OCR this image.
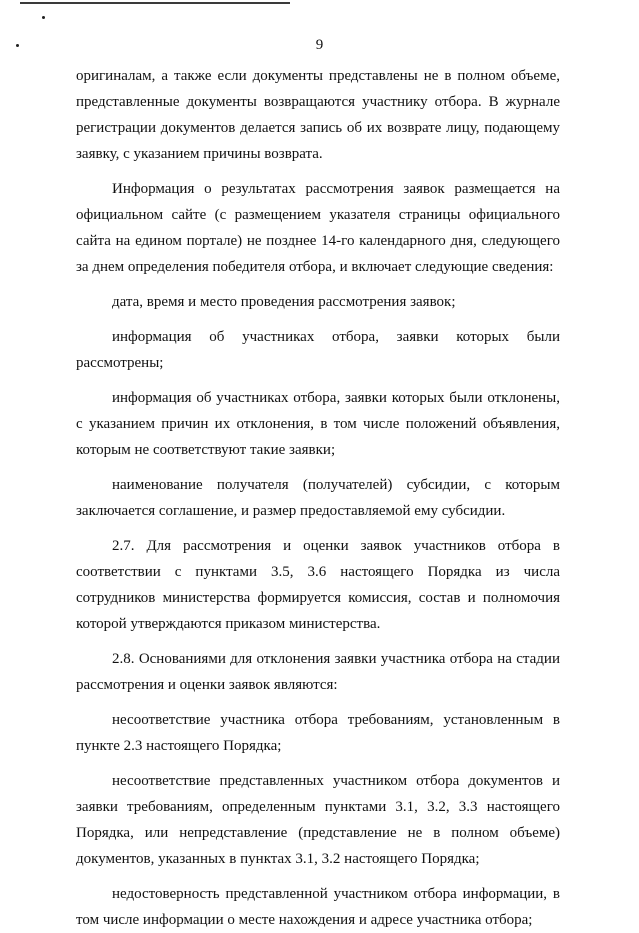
9

оригиналам, а также если документы представлены не в полном объеме, представленные документы возвращаются участнику отбора. В журнале регистрации документов делается запись об их возврате лицу, подающему заявку, с указанием причины возврата.

Информация о результатах рассмотрения заявок размещается на официальном сайте (с размещением указателя страницы официального сайта на едином портале) не позднее 14-го календарного дня, следующего за днем определения победителя отбора, и включает следующие сведения:

дата, время и место проведения рассмотрения заявок;

информация об участниках отбора, заявки которых были рассмотрены;

информация об участниках отбора, заявки которых были отклонены, с указанием причин их отклонения, в том числе положений объявления, которым не соответствуют такие заявки;

наименование получателя (получателей) субсидии, с которым заключается соглашение, и размер предоставляемой ему субсидии.

2.7. Для рассмотрения и оценки заявок участников отбора в соответствии с пунктами 3.5, 3.6 настоящего Порядка из числа сотрудников министерства формируется комиссия, состав и полномочия которой утверждаются приказом министерства.

2.8. Основаниями для отклонения заявки участника отбора на стадии рассмотрения и оценки заявок являются:

несоответствие участника отбора требованиям, установленным в пункте 2.3 настоящего Порядка;

несоответствие представленных участником отбора документов и заявки требованиям, определенным пунктами 3.1, 3.2, 3.3 настоящего Порядка, или непредставление (представление не в полном объеме) документов, указанных в пунктах 3.1, 3.2 настоящего Порядка;

недостоверность представленной участником отбора информации, в том числе информации о месте нахождения и адресе участника отбора;
